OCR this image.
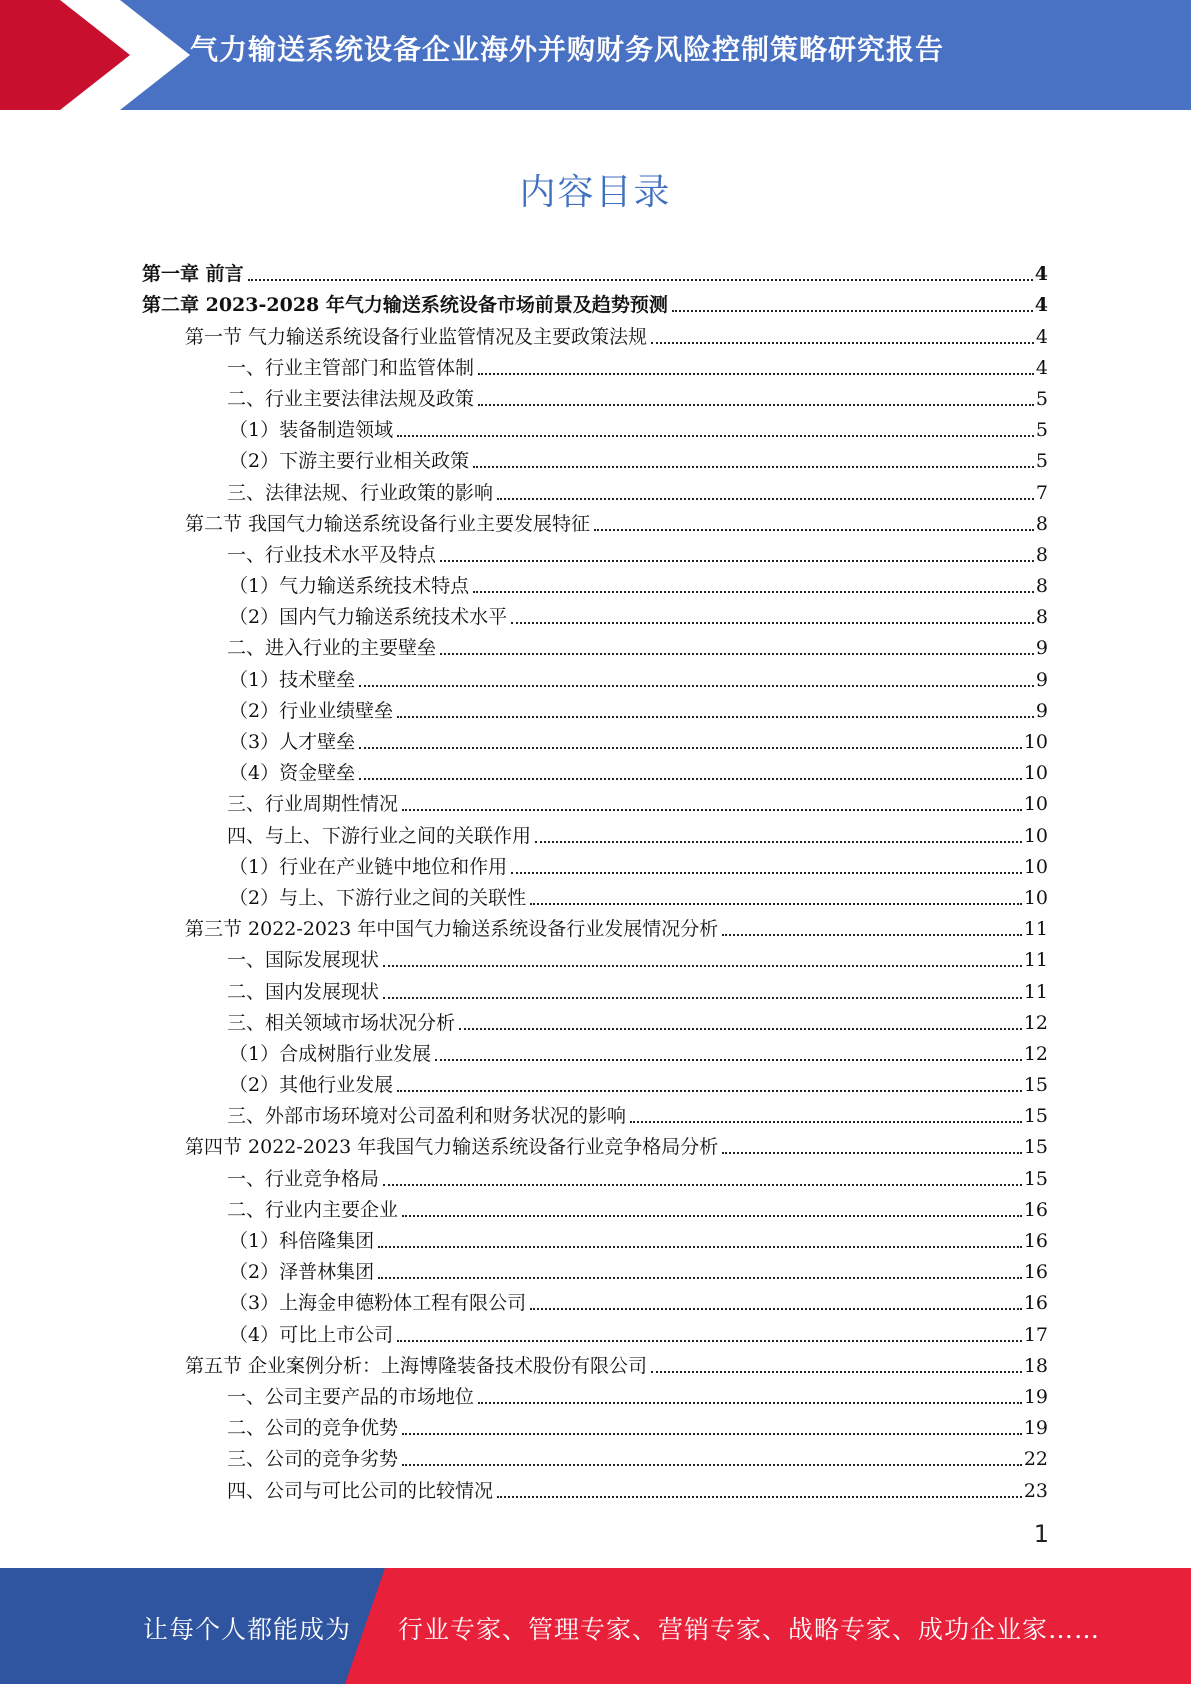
气力输送系统设备企业海外并购财务风险控制策略研究报告
内容目录
第一章 前言	4
第二章 2023-2028 年气力输送系统设备市场前景及趋势预测	4
第一节 气力输送系统设备行业监管情况及主要政策法规	4
一、行业主管部门和监管体制	4
二、行业主要法律法规及政策	5
（1）装备制造领域	5
（2）下游主要行业相关政策	5
三、法律法规、行业政策的影响	7
第二节 我国气力输送系统设备行业主要发展特征	8
一、行业技术水平及特点	8
（1）气力输送系统技术特点	8
（2）国内气力输送系统技术水平	8
二、进入行业的主要壁垒	9
（1）技术壁垒	9
（2）行业业绩壁垒	9
（3）人才壁垒	10
（4）资金壁垒	10
三、行业周期性情况	10
四、与上、下游行业之间的关联作用	10
（1）行业在产业链中地位和作用	10
（2）与上、下游行业之间的关联性	10
第三节 2022-2023 年中国气力输送系统设备行业发展情况分析	11
一、国际发展现状	11
二、国内发展现状	11
三、相关领域市场状况分析	12
（1）合成树脂行业发展	12
（2）其他行业发展	15
三、外部市场环境对公司盈利和财务状况的影响	15
第四节 2022-2023 年我国气力输送系统设备行业竞争格局分析	15
一、行业竞争格局	15
二、行业内主要企业	16
（1）科倍隆集团	16
（2）泽普林集团	16
（3）上海金申德粉体工程有限公司	16
（4）可比上市公司	17
第五节 企业案例分析：上海博隆装备技术股份有限公司	18
一、公司主要产品的市场地位	19
二、公司的竞争优势	19
三、公司的竞争劣势	22
四、公司与可比公司的比较情况	23
1
让每个人都能成为 行业专家、管理专家、营销专家、战略专家、成功企业家……
